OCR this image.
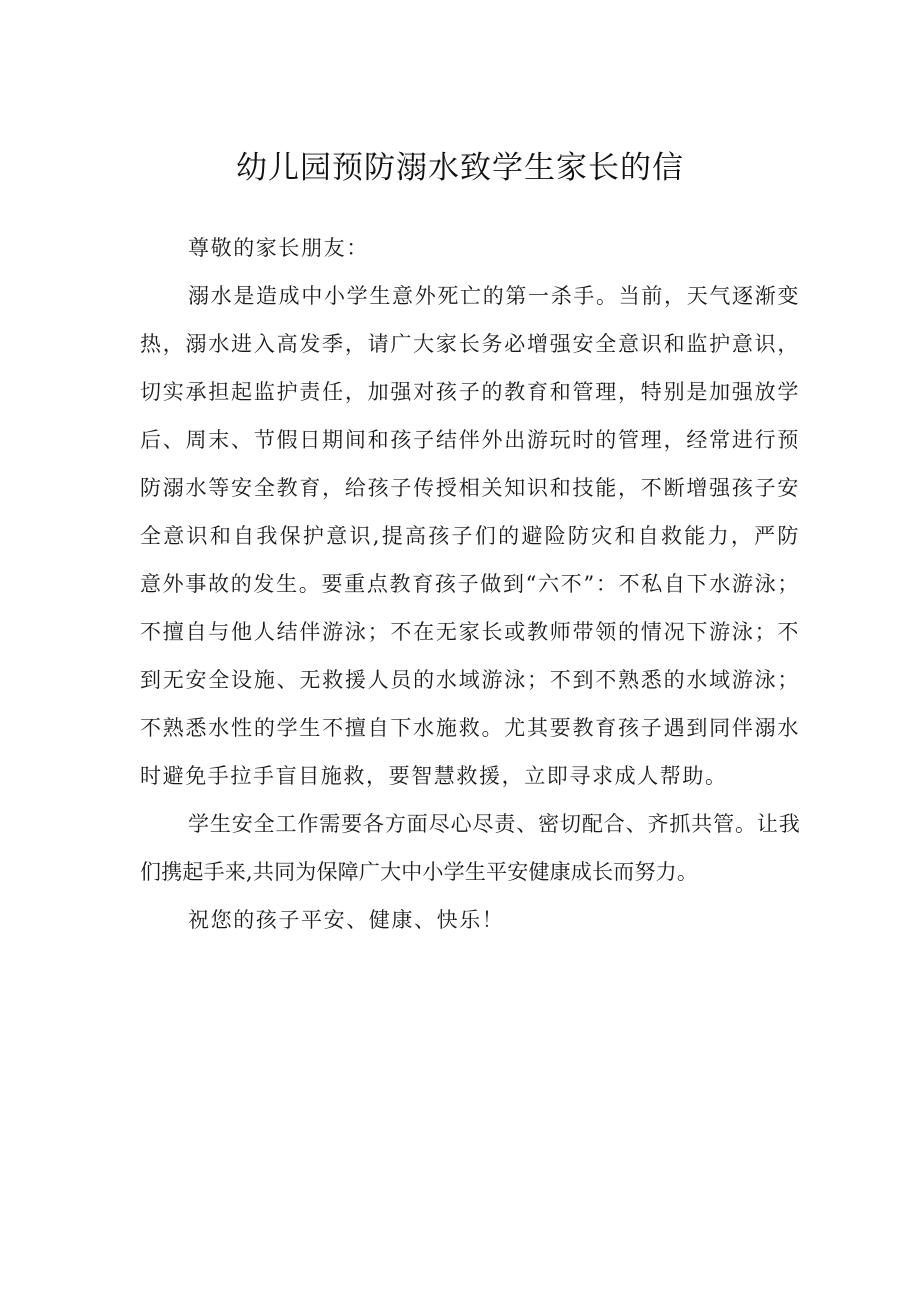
幼儿园预防溺水致学生家长的信

尊敬的家长朋友：

溺水是造成中小学生意外死亡的第一杀手。当前，天气逐渐变热，溺水进入高发季，请广大家长务必增强安全意识和监护意识，切实承担起监护责任，加强对孩子的教育和管理，特别是加强放学后、周末、节假日期间和孩子结伴外出游玩时的管理，经常进行预防溺水等安全教育，给孩子传授相关知识和技能，不断增强孩子安全意识和自我保护意识,提高孩子们的避险防灾和自救能力，严防意外事故的发生。要重点教育孩子做到“六不”：不私自下水游泳；不擅自与他人结伴游泳；不在无家长或教师带领的情况下游泳；不到无安全设施、无救援人员的水域游泳；不到不熟悉的水域游泳；不熟悉水性的学生不擅自下水施救。尤其要教育孩子遇到同伴溺水时避免手拉手盲目施救，要智慧救援，立即寻求成人帮助。

学生安全工作需要各方面尽心尽责、密切配合、齐抓共管。让我们携起手来,共同为保障广大中小学生平安健康成长而努力。

祝您的孩子平安、健康、快乐！
